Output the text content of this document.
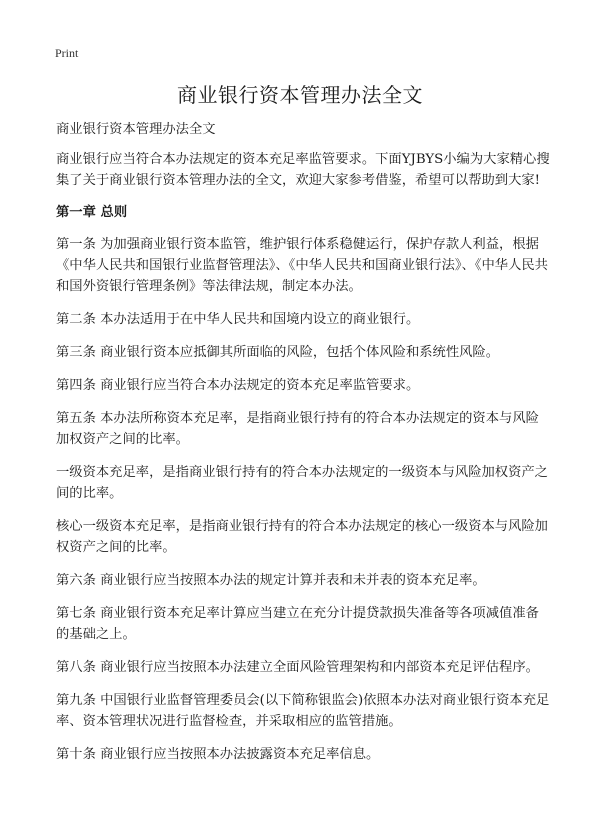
Print
商业银行资本管理办法全文

商业银行资本管理办法全文

商业银行应当符合本办法规定的资本充足率监管要求。下面YJBYS小编为大家精心搜集了关于商业银行资本管理办法的全文，欢迎大家参考借鉴，希望可以帮助到大家!

第一章 总则

第一条 为加强商业银行资本监管，维护银行体系稳健运行，保护存款人利益，根据《中华人民共和国银行业监督管理法》、《中华人民共和国商业银行法》、《中华人民共和国外资银行管理条例》等法律法规，制定本办法。

第二条 本办法适用于在中华人民共和国境内设立的商业银行。

第三条 商业银行资本应抵御其所面临的风险，包括个体风险和系统性风险。

第四条 商业银行应当符合本办法规定的资本充足率监管要求。

第五条 本办法所称资本充足率，是指商业银行持有的符合本办法规定的资本与风险加权资产之间的比率。

一级资本充足率，是指商业银行持有的符合本办法规定的一级资本与风险加权资产之间的比率。

核心一级资本充足率，是指商业银行持有的符合本办法规定的核心一级资本与风险加权资产之间的比率。

第六条 商业银行应当按照本办法的规定计算并表和未并表的资本充足率。

第七条 商业银行资本充足率计算应当建立在充分计提贷款损失准备等各项减值准备的基础之上。

第八条 商业银行应当按照本办法建立全面风险管理架构和内部资本充足评估程序。

第九条 中国银行业监督管理委员会(以下简称银监会)依照本办法对商业银行资本充足率、资本管理状况进行监督检查，并采取相应的监管措施。

第十条 商业银行应当按照本办法披露资本充足率信息。
